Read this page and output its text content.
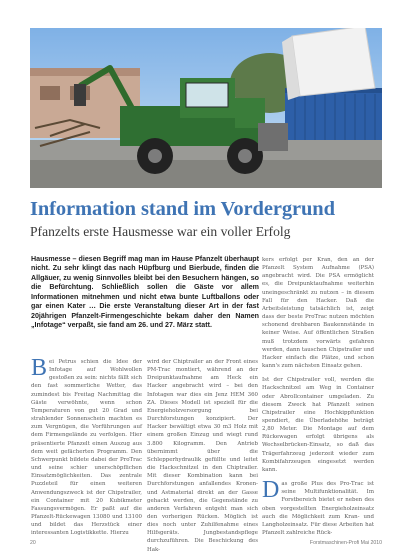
Information stand im Vordergrund
Pfanzelts erste Hausmesse war ein voller Erfolg
Hausmesse – diesen Begriff mag man im Hause Pfanzelt überhaupt nicht. Zu sehr klingt das nach Hüpfburg und Bierbude, finden die Allgäuer, zu wenig Sinnvolles bleibt bei den Besuchern hängen, so die Befürchtung. Schließlich sollen die Gäste vor allem Informationen mitnehmen und nicht etwa bunte Luftballons oder gar einen Kater … Die erste Veranstaltung dieser Art in der fast 20jährigen Pfanzelt-Firmengeschichte bekam daher den Namen „Infotage“ verpaßt, sie fand am 26. und 27. März statt.

Bei Petrus schien die Idee der Infotage auf Wohlwollen gestoßen zu sein: nichts fällt sich den fast sommerliche Wetter, das zumindest bis Freitag Nachmittag die Gäste verwöhnte, wenn schon Temperaturen von gut 20 Grad und strahlender Sonnenschein machten es zum Vergnügen, die Vorführungen auf dem Firmengelände zu verfolgen. Hier präsentierte Pfanzelt einen Auszug aus dem weit gefächerten Programm. Den Schwerpunkt bildete dabei der ProTrac und seine schier unerschöpflichen Einsatzmöglichkeiten. Das zentrale Puzzleteil für einen weiteren Anwendungszweck ist der Chipstrailer, ein Container mit 20 Kubikmeter Fassungsvermögen. Er paßt auf die Pfanzelt-Rückewagen 13080 und 13100 und bildet das Herzstück einer interessanten Logistikkette. Hierzu

wird der Chiptrailer an der Front eines PM-Trac montiert, während an der Dreipunktaufnahme am Heck ein Hacker angebracht wird – bei den Infotagen war dies ein Jenz HEM 360 ZA. Dieses Modell ist speziell für die Energieholzversorgung bei Durchforstungen konzipiert. Der Hacker bewältigt etwa 30 m3 Holz mit einem großen Einzug und wiegt rund 3.800 Kilogramm. Den Antrieb übernimmt über die Schlepperhydraulik gefüllte und leitet die Hackschnitzel in den Chiptrailer. Mit dieser Kombination kann bei Durchforstungen anfallendes Kronen- und Astmaterial direkt an der Gasse gehackt werden, die Gegenstände zu anderen Verfahren entgeht man sich den vorherigen Rücken. Möglich ist dies noch unter Zuhilfenahme eines Hilfsgeräts. Jungbestandspflege durchzuführen. Die Beschickung des Hak-

kers erfolgt per Kran, den an der Pfanzelt System Aufnahme (PSA) angebracht wird. Die PSA ermöglicht es, die Dreipunktaufnahme weiterhin uneingeschränkt zu nutzen – in diesem Fall für den Hacker. Daß die Arbeitsleistung tatsächlich ist, zeigt dass der beste ProTrac nutzen möchten schonend drehbaren Baukennstände in keiner Weise. Auf öffentlichen Straßen muß trotzdem vorwärts gefahren werden, dann tauschen Chipstrailer und Hacker einfach die Plätze, und schon kann's zum nächsten Einsatz gehen.

Ist der Chipstrailer voll, werden die Hackschnitzel am Weg in Container oder Abrollcontainer umgeladen. Zu diesem Zweck hat Pfanzelt seinen Chipstrailer eine Hochkippfunktion spendiert, die Überladehöhe beträgt 2,80 Meter. Die Montage auf dem Rückewagen erfolgt übrigens als Wechselbrücken-Einsatz, so daß das Trägerfahrzeug jederzeit wieder zum Kombifahrzeugen eingesetzt werden kann.

Das große Plus des Pro-Trac ist seine Multifunktionalität. Im Forstbereich bietet er neben des oben vorgestellten Energieholzeinsatz auch die Möglichkeit zum Kran- und Langholzeinsatz. Für diese Arbeiten hat Pfanzelt zahlreiche Rück-

20	Forstmaschinen-Profi Mai 2010
